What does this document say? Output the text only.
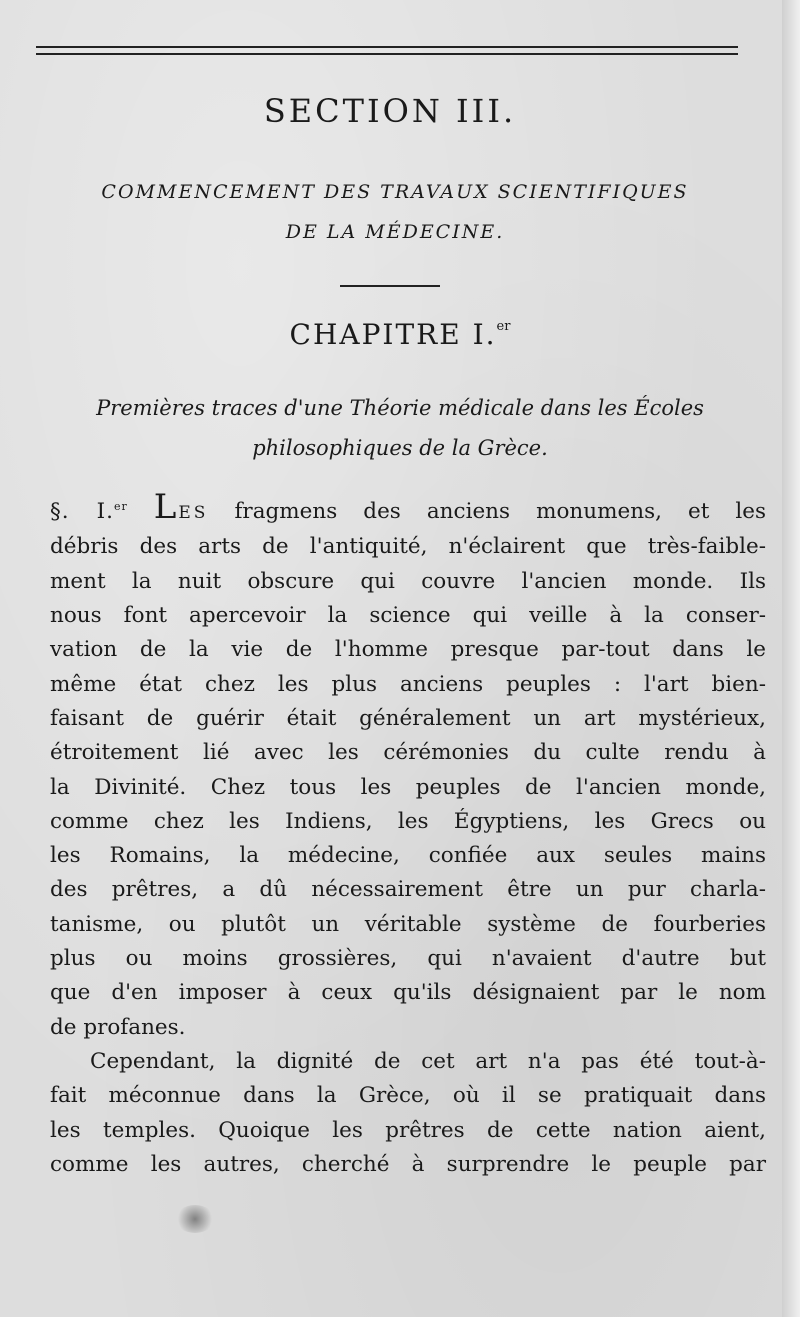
SECTION III.
COMMENCEMENT DES TRAVAUX SCIENTIFIQUES
DE LA MÉDECINE.
CHAPITRE I.$^{er}$
Premières traces d'une Théorie médicale dans les Écoles
philosophiques de la Grèce.
§. I.$^{er}$ LES fragmens des anciens monumens, et les
débris des arts de l'antiquité, n'éclairent que très-faible-
ment la nuit obscure qui couvre l'ancien monde. Ils
nous font apercevoir la science qui veille à la conser-
vation de la vie de l'homme presque par-tout dans le
même état chez les plus anciens peuples : l'art bien-
faisant de guérir était généralement un art mystérieux,
étroitement lié avec les cérémonies du culte rendu à
la Divinité. Chez tous les peuples de l'ancien monde,
comme chez les Indiens, les Égyptiens, les Grecs ou
les Romains, la médecine, confiée aux seules mains
des prêtres, a dû nécessairement être un pur charla-
tanisme, ou plutôt un véritable système de fourberies
plus ou moins grossières, qui n'avaient d'autre but
que d'en imposer à ceux qu'ils désignaient par le nom
de profanes.
Cependant, la dignité de cet art n'a pas été tout-à-
fait méconnue dans la Grèce, où il se pratiquait dans
les temples. Quoique les prêtres de cette nation aient,
comme les autres, cherché à surprendre le peuple par
